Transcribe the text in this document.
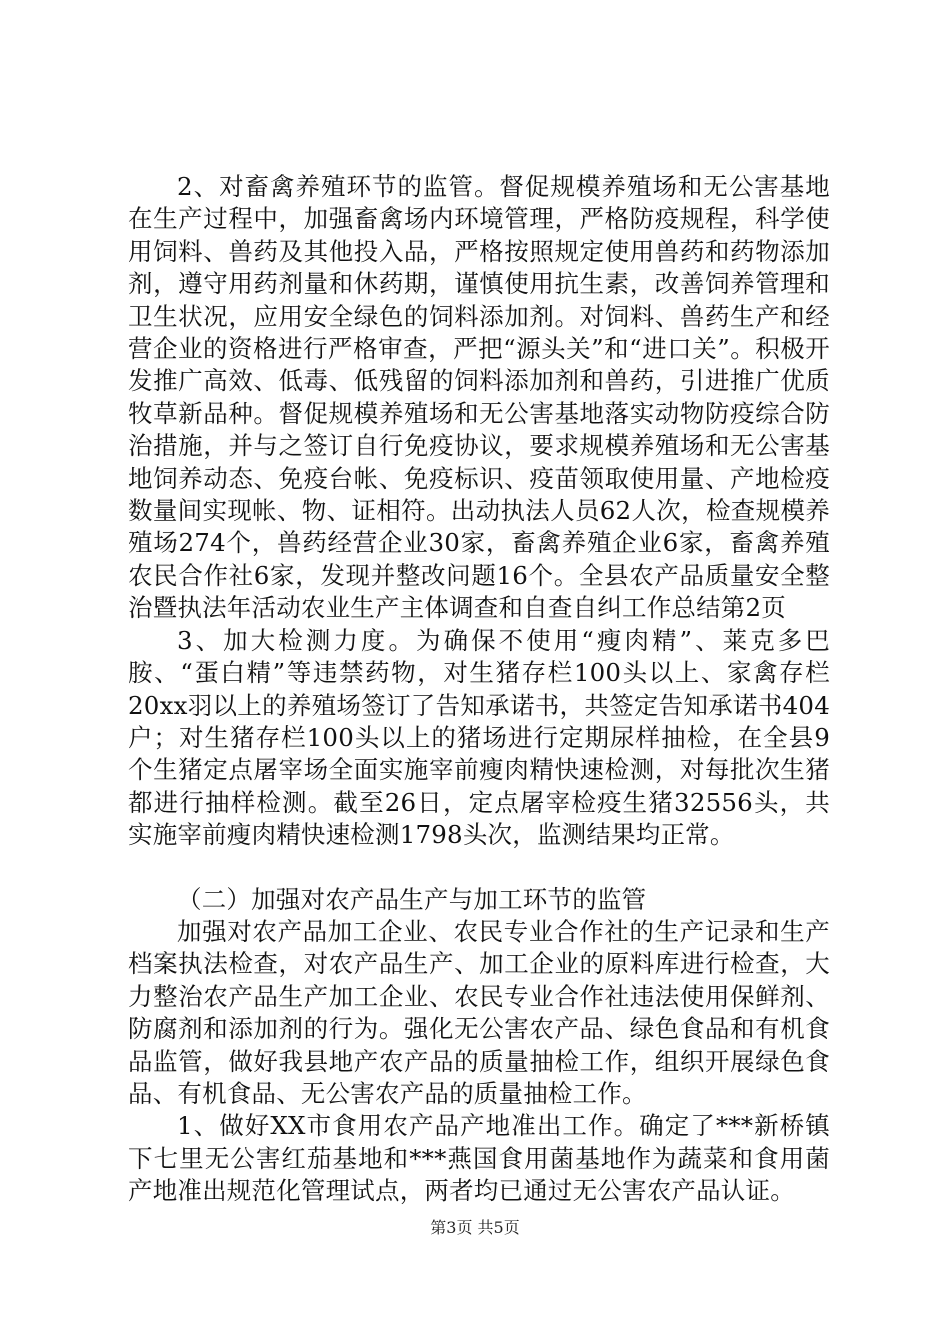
2、对畜禽养殖环节的监管。督促规模养殖场和无公害基地在生产过程中，加强畜禽场内环境管理，严格防疫规程，科学使用饲料、兽药及其他投入品，严格按照规定使用兽药和药物添加剂，遵守用药剂量和休药期，谨慎使用抗生素，改善饲养管理和卫生状况，应用安全绿色的饲料添加剂。对饲料、兽药生产和经营企业的资格进行严格审查，严把“源头关”和“进口关”。积极开发推广高效、低毒、低残留的饲料添加剂和兽药，引进推广优质牧草新品种。督促规模养殖场和无公害基地落实动物防疫综合防治措施，并与之签订自行免疫协议，要求规模养殖场和无公害基地饲养动态、免疫台帐、免疫标识、疫苗领取使用量、产地检疫数量间实现帐、物、证相符。出动执法人员62人次，检查规模养殖场274个，兽药经营企业30家，畜禽养殖企业6家，畜禽养殖农民合作社6家，发现并整改问题16个。全县农产品质量安全整治暨执法年活动农业生产主体调查和自查自纠工作总结第2页

3、加大检测力度。为确保不使用“瘦肉精”、莱克多巴胺、“蛋白精”等违禁药物，对生猪存栏100头以上、家禽存栏20xx羽以上的养殖场签订了告知承诺书，共签定告知承诺书404户；对生猪存栏100头以上的猪场进行定期尿样抽检，在全县9个生猪定点屠宰场全面实施宰前瘦肉精快速检测，对每批次生猪都进行抽样检测。截至26日，定点屠宰检疫生猪32556头，共实施宰前瘦肉精快速检测1798头次，监测结果均正常。

（二）加强对农产品生产与加工环节的监管

加强对农产品加工企业、农民专业合作社的生产记录和生产档案执法检查，对农产品生产、加工企业的原料库进行检查，大力整治农产品生产加工企业、农民专业合作社违法使用保鲜剂、防腐剂和添加剂的行为。强化无公害农产品、绿色食品和有机食品监管，做好我县地产农产品的质量抽检工作，组织开展绿色食品、有机食品、无公害农产品的质量抽检工作。

1、做好XX市食用农产品产地准出工作。确定了***新桥镇下七里无公害红茄基地和***燕国食用菌基地作为蔬菜和食用菌产地准出规范化管理试点，两者均已通过无公害农产品认证。

第3页 共5页
